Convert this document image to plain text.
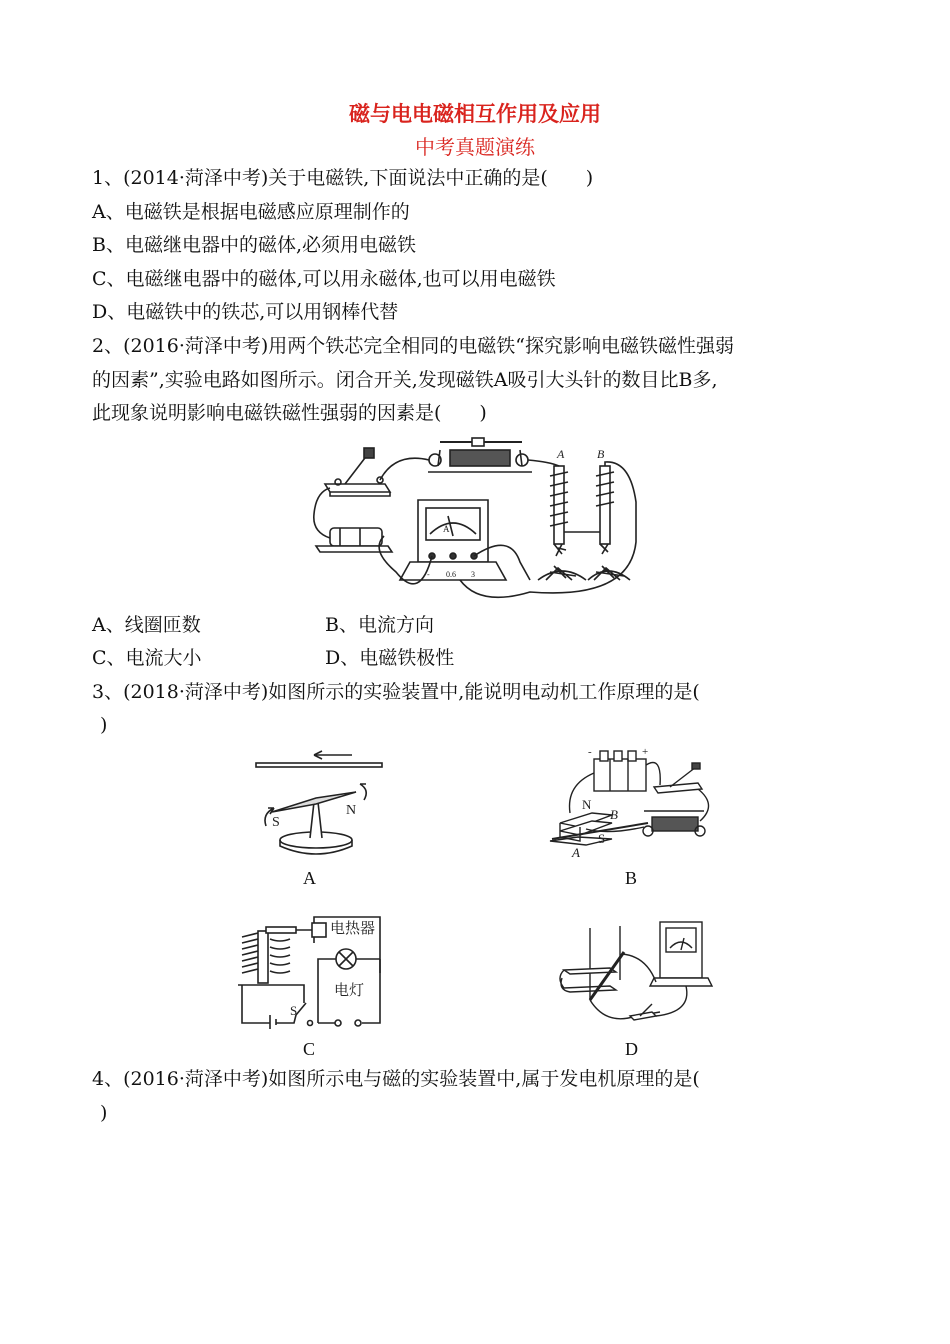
磁与电电磁相互作用及应用
中考真题演练
1、(2014·菏泽中考)关于电磁铁,下面说法中正确的是(　　)
A、电磁铁是根据电磁感应原理制作的
B、电磁继电器中的磁体,必须用电磁铁
C、电磁继电器中的磁体,可以用永磁体,也可以用电磁铁
D、电磁铁中的铁芯,可以用钢棒代替
2、(2016·菏泽中考)用两个铁芯完全相同的电磁铁“探究影响电磁铁磁性强弱
的因素”,实验电路如图所示。闭合开关,发现磁铁A吸引大头针的数目比B多,
此现象说明影响电磁铁磁性强弱的因素是(　　)
A
- 0.6 3
A	B
A、线圈匝数	B、电流方向
C、电流大小	D、电磁铁极性
3、(2018·菏泽中考)如图所示的实验装置中,能说明电动机工作原理的是(
)
S
N
A
-	+
N
B
S
A
B
电热器
电灯
S
C	D
4、(2016·菏泽中考)如图所示电与磁的实验装置中,属于发电机原理的是(
)
